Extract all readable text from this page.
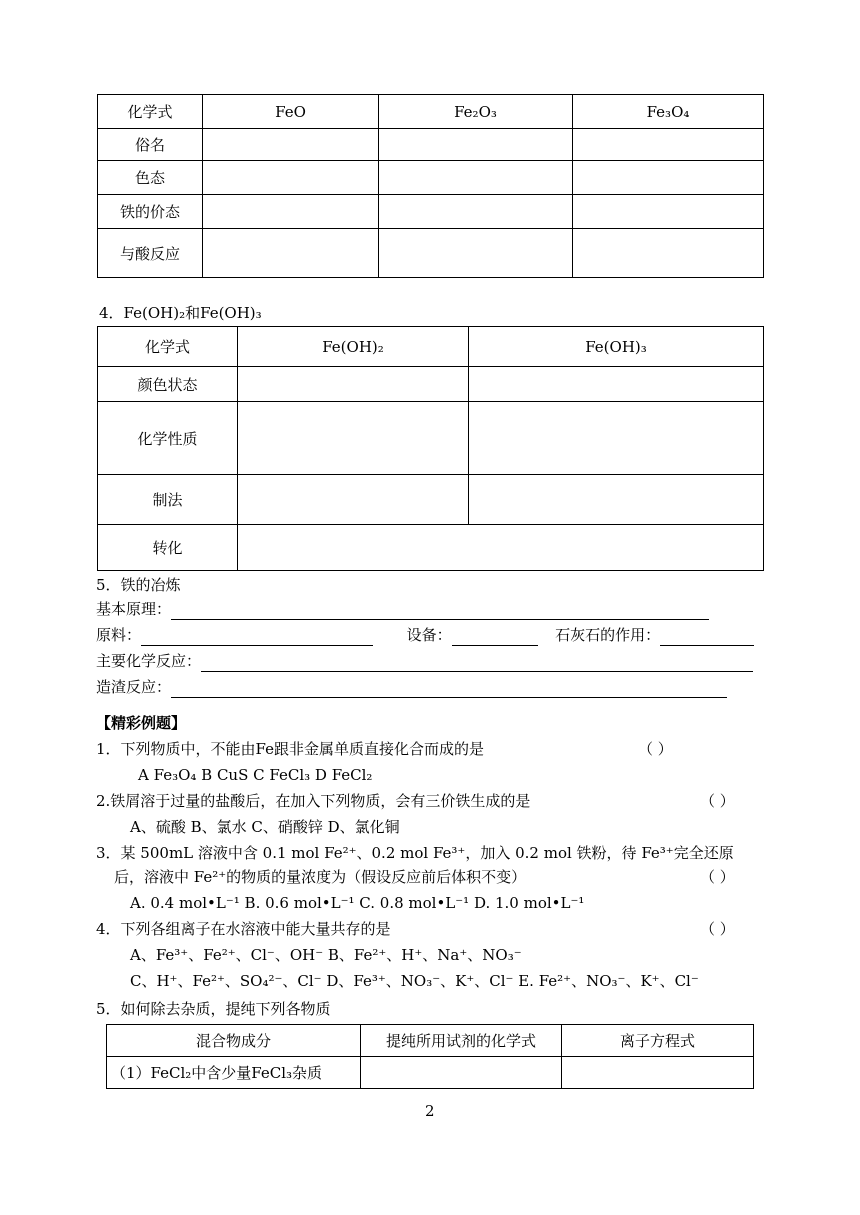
化学式	FeO	Fe₂O₃	Fe₃O₄
俗名			
色态			
铁的价态			
与酸反应			
4．Fe(OH)₂和Fe(OH)₃
化学式	Fe(OH)₂	Fe(OH)₃
颜色状态		
化学性质		
制法		
转化		
5．铁的冶炼
基本原理：
原料：	设备：	石灰石的作用：
主要化学反应：
造渣反应：
【精彩例题】
1．下列物质中，不能由Fe跟非金属单质直接化合而成的是	（ ）
A Fe₃O₄ B CuS C FeCl₃ D FeCl₂
2.铁屑溶于过量的盐酸后，在加入下列物质，会有三价铁生成的是	（ ）
A、硫酸 B、氯水 C、硝酸锌 D、氯化铜
3．某 500mL 溶液中含 0.1 mol Fe²⁺、0.2 mol Fe³⁺，加入 0.2 mol 铁粉，待 Fe³⁺完全还原
后，溶液中 Fe²⁺的物质的量浓度为（假设反应前后体积不变）	（ ）
A. 0.4 mol•L⁻¹ B. 0.6 mol•L⁻¹ C. 0.8 mol•L⁻¹ D. 1.0 mol•L⁻¹
4．下列各组离子在水溶液中能大量共存的是	（ ）
A、Fe³⁺、Fe²⁺、Cl⁻、OH⁻ B、Fe²⁺、H⁺、Na⁺、NO₃⁻
C、H⁺、Fe²⁺、SO₄²⁻、Cl⁻ D、Fe³⁺、NO₃⁻、K⁺、Cl⁻ E. Fe²⁺、NO₃⁻、K⁺、Cl⁻
5．如何除去杂质，提纯下列各物质
混合物成分	提纯所用试剂的化学式	离子方程式
（1）FeCl₂中含少量FeCl₃杂质		
2
